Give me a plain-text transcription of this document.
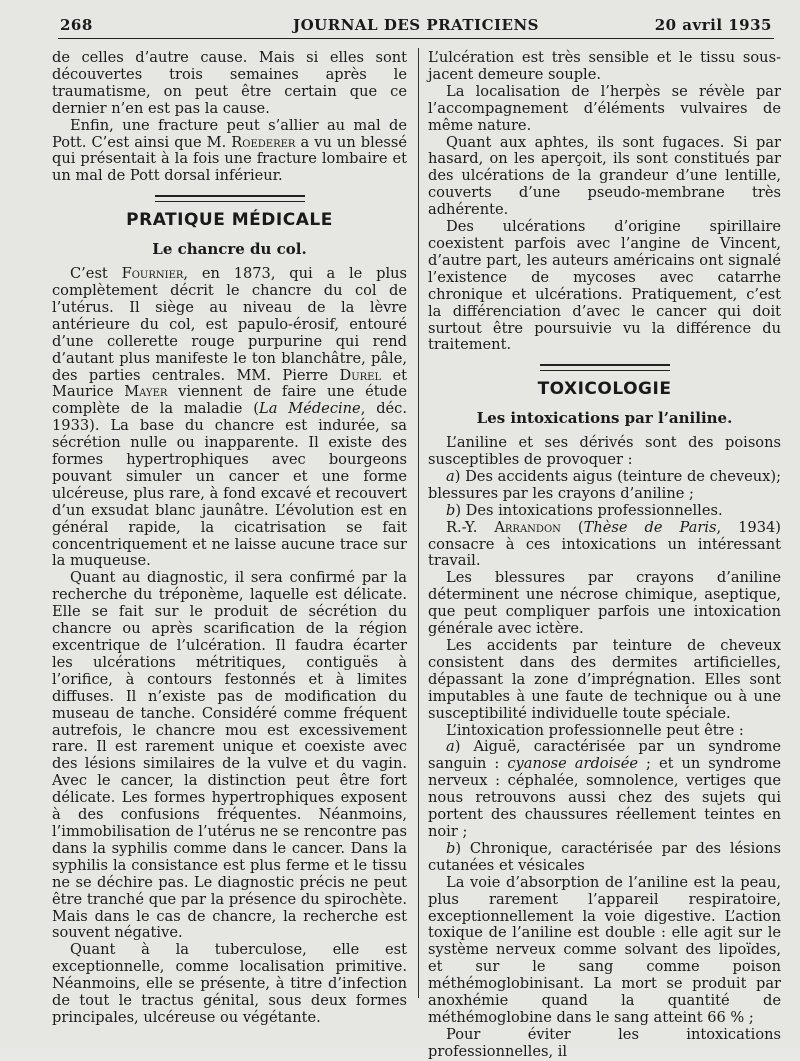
268	JOURNAL DES PRATICIENS	20 avril 1935

de celles d’autre cause. Mais si elles sont découvertes trois semaines après le traumatisme, on peut être certain que ce dernier n’en est pas la cause.

Enfin, une fracture peut s’allier au mal de Pott. C’est ainsi que M. Roederer a vu un blessé qui présentait à la fois une fracture lombaire et un mal de Pott dorsal inférieur.

PRATIQUE MÉDICALE
Le chancre du col.

C’est Fournier, en 1873, qui a le plus complètement décrit le chancre du col de l’utérus. Il siège au niveau de la lèvre antérieure du col, est papulo-érosif, entouré d’une collerette rouge purpurine qui rend d’autant plus manifeste le ton blanchâtre, pâle, des parties centrales. MM. Pierre Durel et Maurice Mayer viennent de faire une étude complète de la maladie (La Médecine, déc. 1933). La base du chancre est indurée, sa sécrétion nulle ou inapparente. Il existe des formes hypertrophiques avec bourgeons pouvant simuler un cancer et une forme ulcéreuse, plus rare, à fond excavé et recouvert d’un exsudat blanc jaunâtre. L’évolution est en général rapide, la cicatrisation se fait concentriquement et ne laisse aucune trace sur la muqueuse.

Quant au diagnostic, il sera confirmé par la recherche du tréponème, laquelle est délicate. Elle se fait sur le produit de sécrétion du chancre ou après scarification de la région excentrique de l’ulcération. Il faudra écarter les ulcérations métritiques, contiguës à l’orifice, à contours festonnés et à limites diffuses. Il n’existe pas de modification du museau de tanche. Considéré comme fréquent autrefois, le chancre mou est excessivement rare. Il est rarement unique et coexiste avec des lésions similaires de la vulve et du vagin. Avec le cancer, la distinction peut être fort délicate. Les formes hypertrophiques exposent à des confusions fréquentes. Néanmoins, l’immobilisation de l’utérus ne se rencontre pas dans la syphilis comme dans le cancer. Dans la syphilis la consistance est plus ferme et le tissu ne se déchire pas. Le diagnostic précis ne peut être tranché que par la présence du spirochète. Mais dans le cas de chancre, la recherche est souvent négative.

Quant à la tuberculose, elle est exceptionnelle, comme localisation primitive. Néanmoins, elle se présente, à titre d’infection de tout le tractus génital, sous deux formes principales, ulcéreuse ou végétante.

L’ulcération est très sensible et le tissu sous-jacent demeure souple.

La localisation de l’herpès se révèle par l’accompagnement d’éléments vulvaires de même nature.

Quant aux aphtes, ils sont fugaces. Si par hasard, on les aperçoit, ils sont constitués par des ulcérations de la grandeur d’une lentille, couverts d’une pseudo-membrane très adhérente.

Des ulcérations d’origine spirillaire coexistent parfois avec l’angine de Vincent, d’autre part, les auteurs américains ont signalé l’existence de mycoses avec catarrhe chronique et ulcérations. Pratiquement, c’est la différenciation d’avec le cancer qui doit surtout être poursuivie vu la différence du traitement.

TOXICOLOGIE
Les intoxications par l’aniline.

L’aniline et ses dérivés sont des poisons susceptibles de provoquer :

a) Des accidents aigus (teinture de cheveux); blessures par les crayons d’aniline ;

b) Des intoxications professionnelles.

R.-Y. Arrandon (Thèse de Paris, 1934) consacre à ces intoxications un intéressant travail.

Les blessures par crayons d’aniline déterminent une nécrose chimique, aseptique, que peut compliquer parfois une intoxication générale avec ictère.

Les accidents par teinture de cheveux consistent dans des dermites artificielles, dépassant la zone d’imprégnation. Elles sont imputables à une faute de technique ou à une susceptibilité individuelle toute spéciale.

L’intoxication professionnelle peut être :

a) Aiguë, caractérisée par un syndrome sanguin : cyanose ardoisée ; et un syndrome nerveux : céphalée, somnolence, vertiges que nous retrouvons aussi chez des sujets qui portent des chaussures réellement teintes en noir ;

b) Chronique, caractérisée par des lésions cutanées et vésicales

La voie d’absorption de l’aniline est la peau, plus rarement l’appareil respiratoire, exceptionnellement la voie digestive. L’action toxique de l’aniline est double : elle agit sur le système nerveux comme solvant des lipoïdes, et sur le sang comme poison méthémoglobinisant. La mort se produit par anoxhémie quand la quantité de méthémoglobine dans le sang atteint 66 % ;

Pour éviter les intoxications professionnelles, il
